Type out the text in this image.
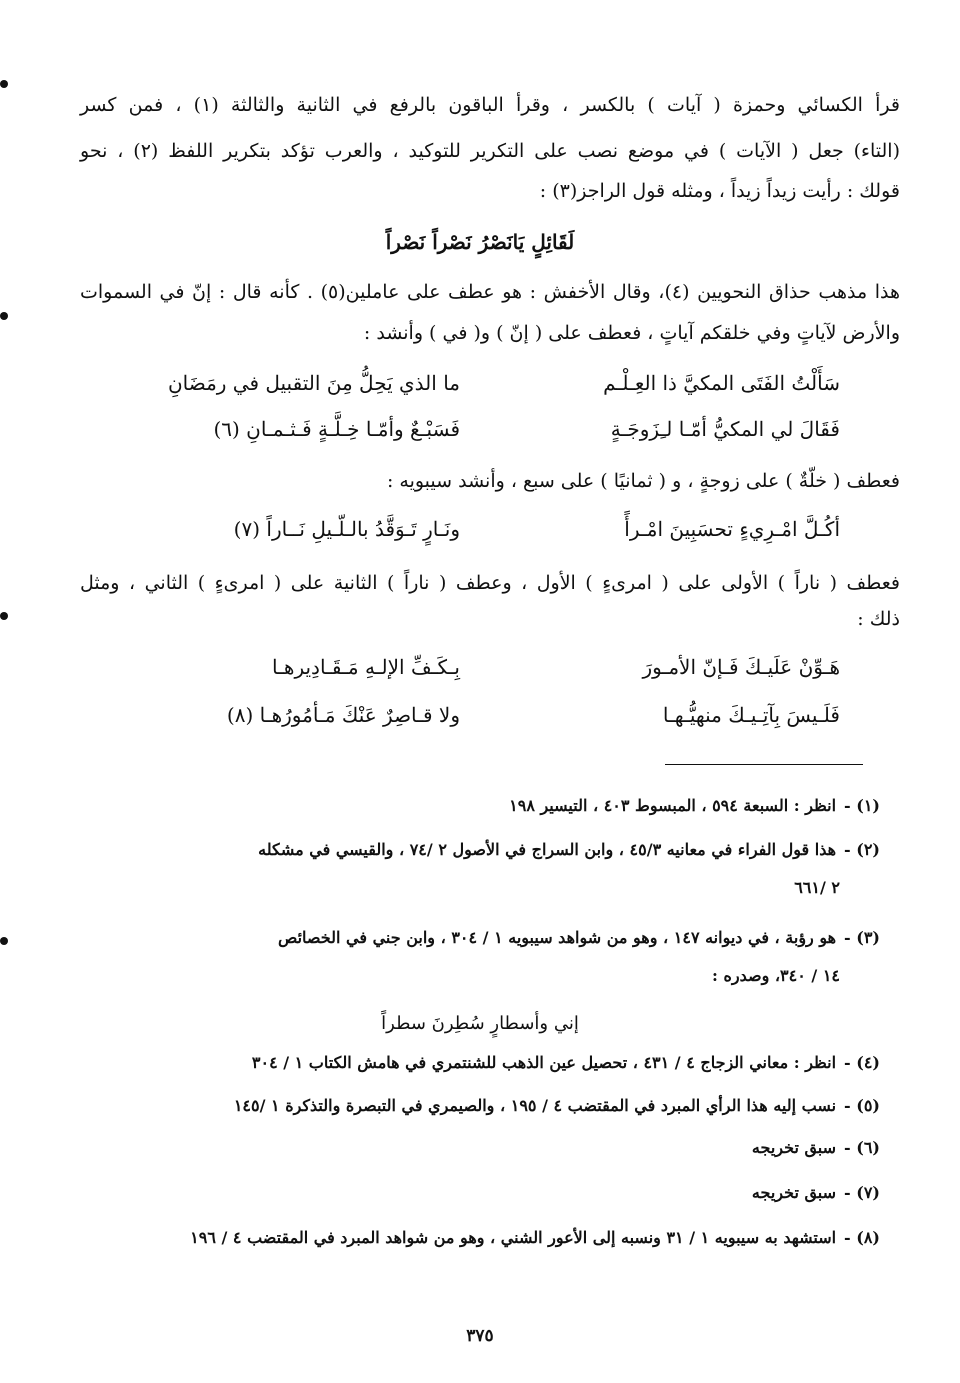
قرأ الكسائي وحمزة ( آيات ) بالكسر ، وقرأ الباقون بالرفع في الثانية والثالثة (١) ، فمن كسر
(التاء) جعل ( الآيات ) في موضع نصب على التكرير للتوكيد ، والعرب تؤكد بتكرير اللفظ (٢) ، نحو
قولك : رأيت زيداً زيداً ، ومثله قول الراجز(٣) :
لَقَائِلٍ يَانَصْرُ نَصْراً نَصْراً
هذا مذهب حذاق النحويين (٤)، وقال الأخفش : هو عطف على عاملين(٥) . كأنه قال : إنّ في السموات
والأرض لآياتٍ وفي خلقكم آياتٍ ، فعطف على ( إنّ ) و( في ) وأنشد :
سَأَلْتُ الفَتَى المكيَّ ذا العِـلْـم
ما الذي يَحِلُّ مِنَ التقبيل في رمَضَانِ
فَقَالَ لي المكيُّ أمّـا لـِزَوجَـةٍ
فَسَبْـعٌ وأمّـا خِـلَّـةٍ فَـثـمـانِ (٦)
فعطف ( خلّةٌ ) على زوجةٍ ، و ( ثمانيًا ) على سبع ، وأنشد سيبويه :
أكُـلَّ امْـرِيءٍ تحسَبِينَ امْـرأً
ونَـارٍ تَـوَقَّدُ بالـلّـيلِ نَــاراً (٧)
فعطف ( ناراً ) الأولى على ( امرىءٍ ) الأول ، وعطف ( ناراً ) الثانية على ( امرىءٍ ) الثاني ، ومثل
ذلك :
هَـوِّنْ عَلَيـكَ فَـإنّ الأمـورَ
بِـكَـفِّ الإلـهِ مَـقَـادِيرهـا
فَلَـيسَ بِآتِـيـكَ منهيُّـهـا
ولا قـاصِرٌ عَنْكَ مَـأمُورُهـا (٨)
(١) -انظر : السبعة ٥٩٤ ، المبسوط ٤٠٣ ، التيسير ١٩٨
(٢) -هذا قول الفراء في معانيه ٤٥/٣ ، وابن السراج في الأصول ٢ /٧٤ ، والقيسي في مشكله
٢ /٦٦١
(٣) -هو رؤبة ، في ديوانه ١٤٧ ، وهو من شواهد سيبويه ١ / ٣٠٤ ، وابن جني في الخصائص
١٤ / ٣٤٠، وصدره :
إني وأسطارٍ سُطِرنَ سطراً
(٤) -انظر : معاني الزجاج ٤ / ٤٣١ ، تحصيل عين الذهب للشنتمري في هامش الكتاب ١ / ٣٠٤
(٥) -نسب إليه هذا الرأي المبرد في المقتضب ٤ / ١٩٥ ، والصيمري في التبصرة والتذكرة ١ /١٤٥
(٦) -سبق تخريجه
(٧) -سبق تخريجه
(٨) -استشهد به سيبويه ١ / ٣١ ونسبه إلى الأعور الشني ، وهو من شواهد المبرد في المقتضب ٤ / ١٩٦
٣٧٥
